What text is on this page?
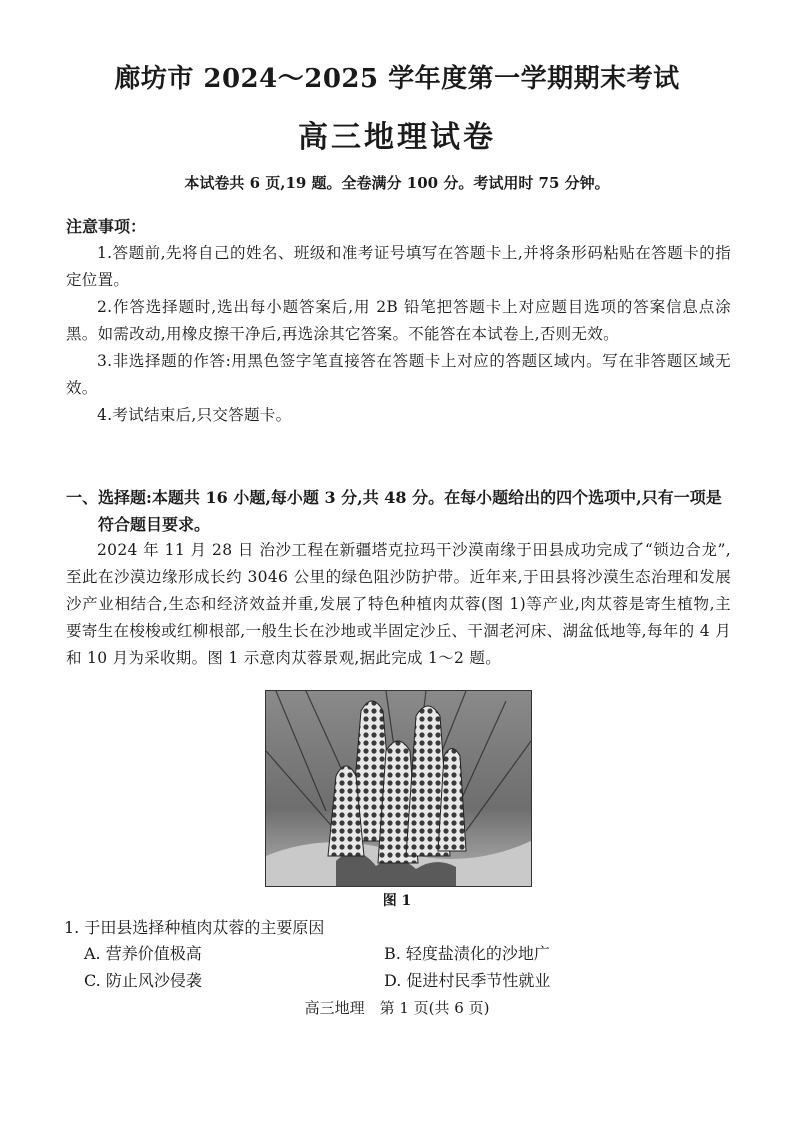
廊坊市 2024～2025 学年度第一学期期末考试
高三地理试卷
本试卷共 6 页,19 题。全卷满分 100 分。考试用时 75 分钟。
注意事项：

1.答题前,先将自己的姓名、班级和准考证号填写在答题卡上,并将条形码粘贴在答题卡的指定位置。

2.作答选择题时,选出每小题答案后,用 2B 铅笔把答题卡上对应题目选项的答案信息点涂黑。如需改动,用橡皮擦干净后,再选涂其它答案。不能答在本试卷上,否则无效。

3.非选择题的作答:用黑色签字笔直接答在答题卡上对应的答题区域内。写在非答题区域无效。

4.考试结束后,只交答题卡。

一、选择题:本题共 16 小题,每小题 3 分,共 48 分。在每小题给出的四个选项中,只有一项是符合题目要求。

2024 年 11 月 28 日 治沙工程在新疆塔克拉玛干沙漠南缘于田县成功完成了“锁边合龙”,至此在沙漠边缘形成长约 3046 公里的绿色阻沙防护带。近年来,于田县将沙漠生态治理和发展沙产业相结合,生态和经济效益并重,发展了特色种植肉苁蓉(图 1)等产业,肉苁蓉是寄生植物,主要寄生在梭梭或红柳根部,一般生长在沙地或半固定沙丘、干涸老河床、湖盆低地等,每年的 4 月和 10 月为采收期。图 1 示意肉苁蓉景观,据此完成 1～2 题。

图 1
1. 于田县选择种植肉苁蓉的主要原因
A. 营养价值极高	B. 轻度盐渍化的沙地广
C. 防止风沙侵袭	D. 促进村民季节性就业
高三地理　第 1 页(共 6 页)
